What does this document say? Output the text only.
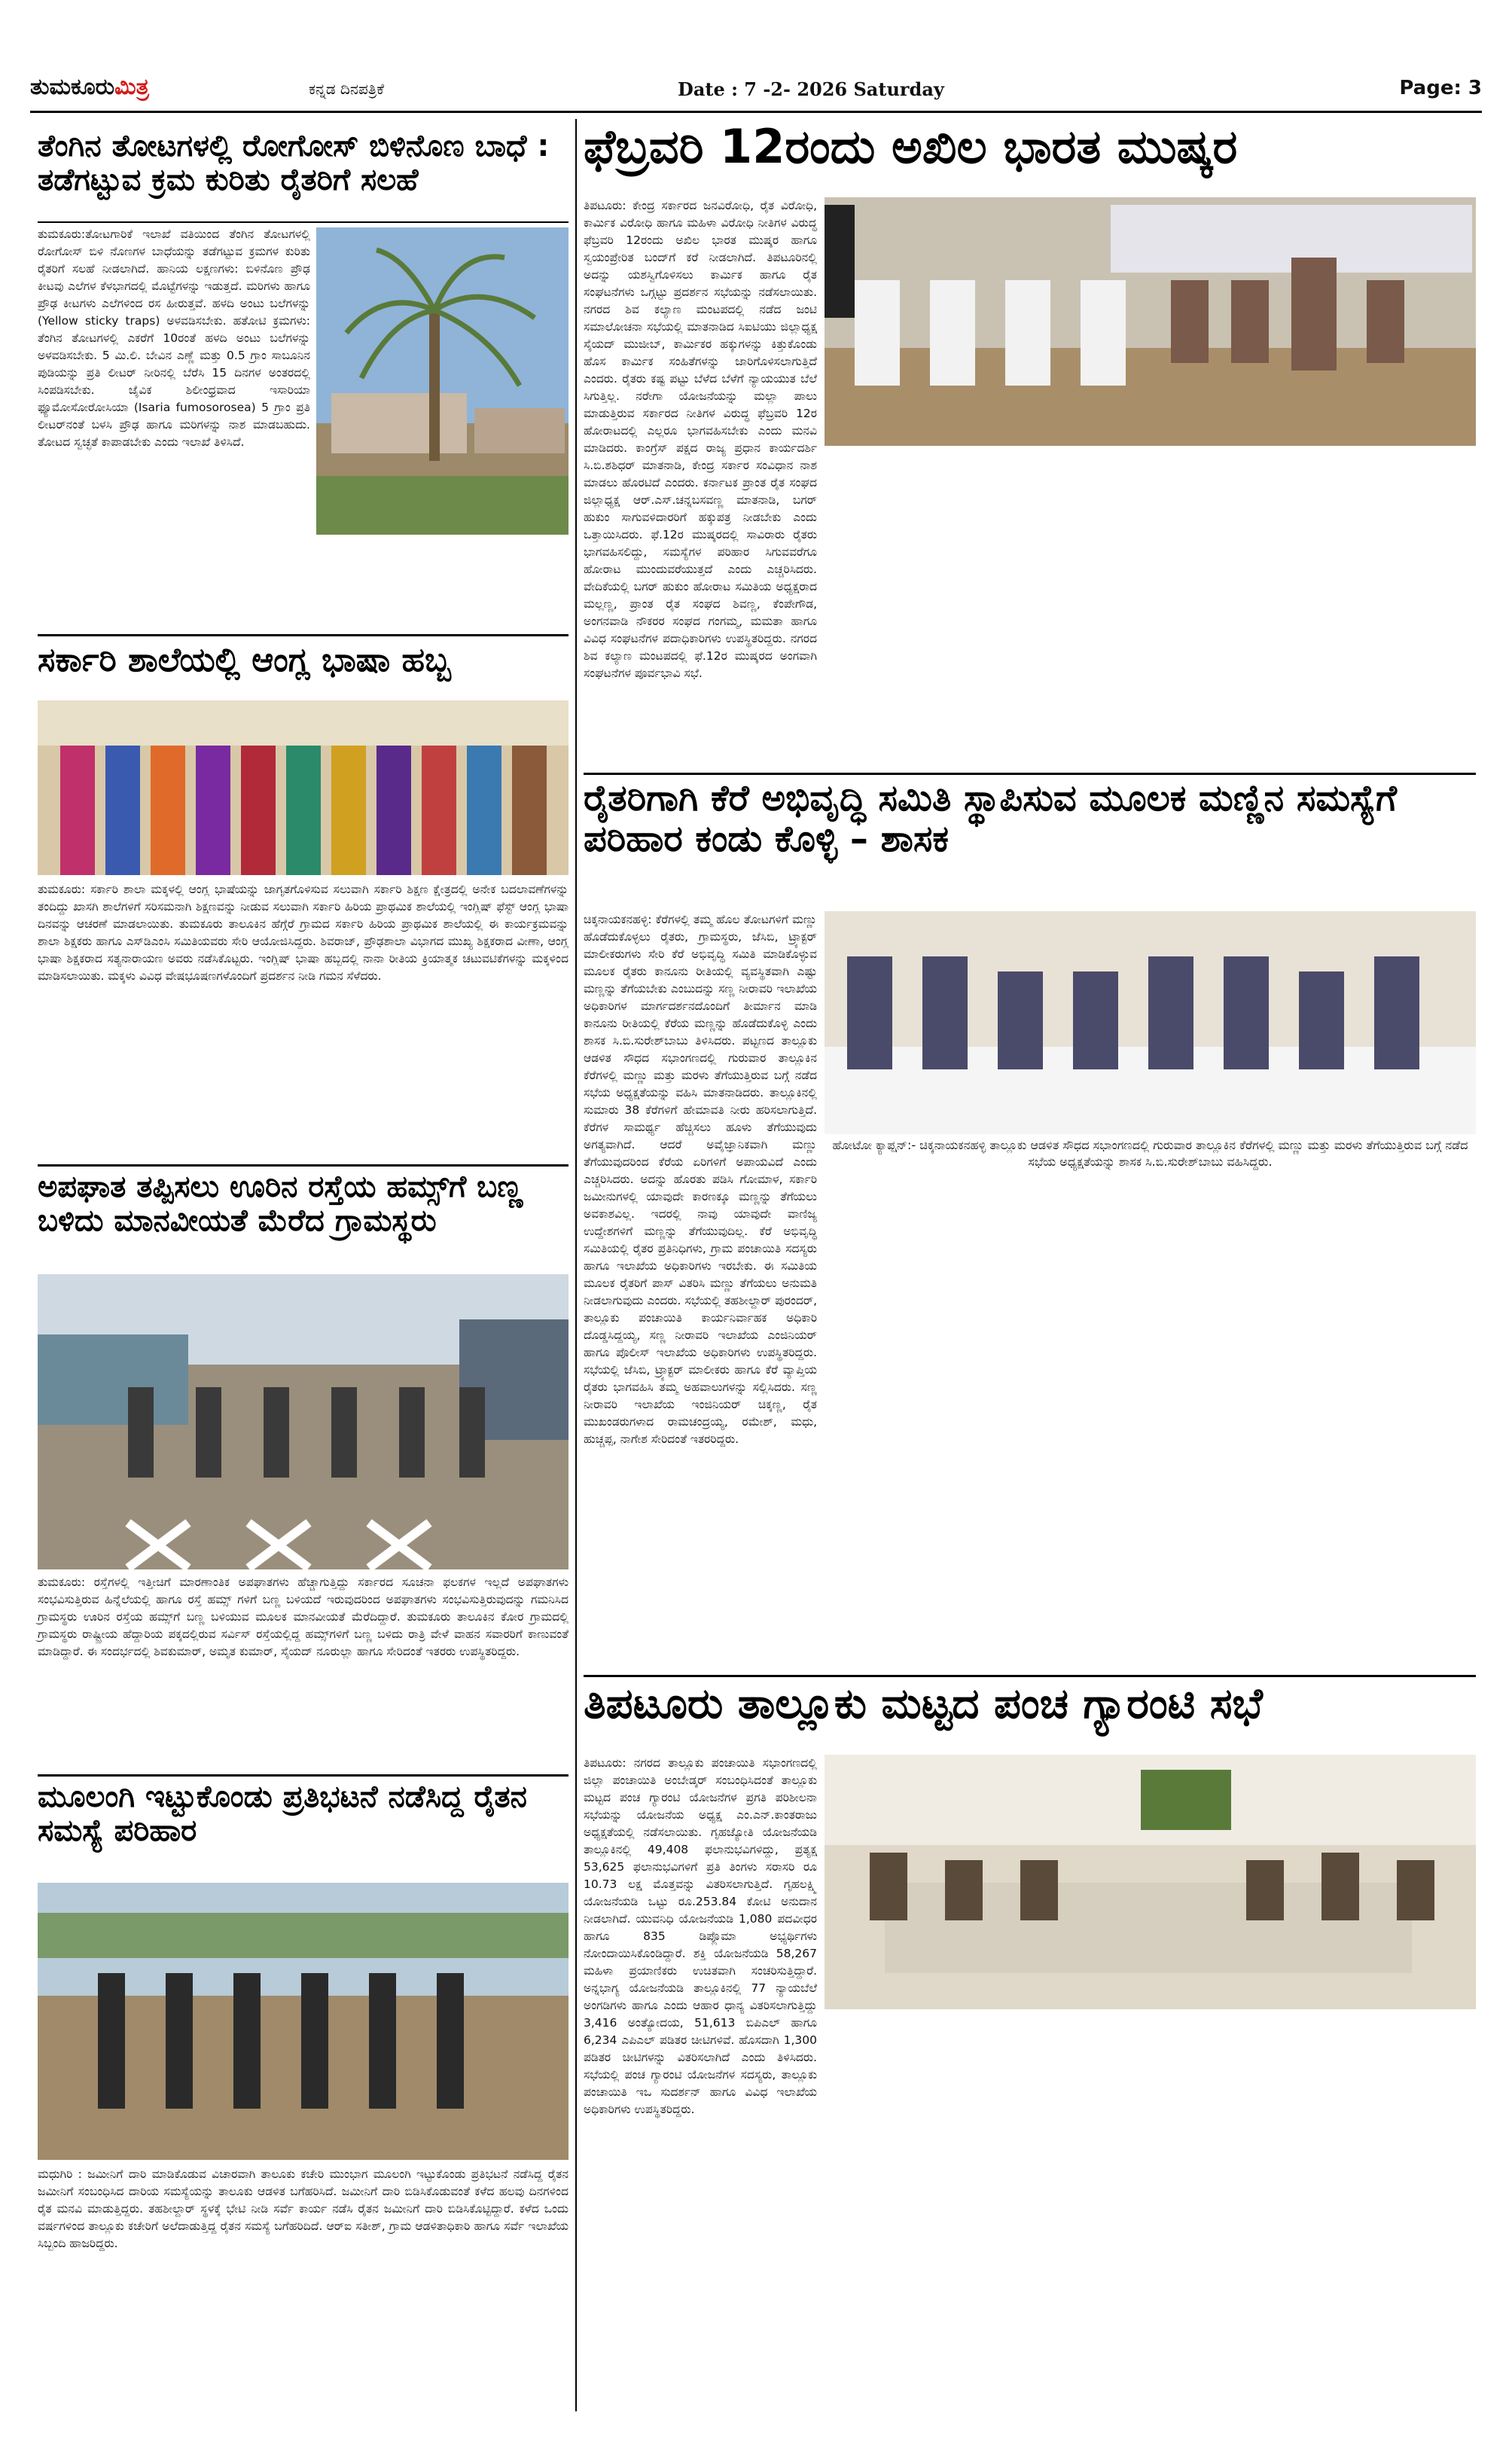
ತುಮಕೂರುಮಿತ್ರ	ಕನ್ನಡ ದಿನಪತ್ರಿಕೆ	Date : 7 -2- 2026 Saturday	Page: 3
ತೆಂಗಿನ ತೋಟಗಳಲ್ಲಿ ರೋಗೋಸ್ ಬಿಳಿನೊಣ ಬಾಧೆ : ತಡೆಗಟ್ಟುವ ಕ್ರಮ ಕುರಿತು ರೈತರಿಗೆ ಸಲಹೆ
ತುಮಕೂರು:ತೋಟಗಾರಿಕೆ ಇಲಾಖೆ ವತಿಯಿಂದ ತೆಂಗಿನ ತೋಟಗಳಲ್ಲಿ ರೋಗೋಸ್ ಬಿಳಿ ನೊಣಗಳ ಬಾಧೆಯನ್ನು ತಡೆಗಟ್ಟುವ ಕ್ರಮಗಳ ಕುರಿತು ರೈತರಿಗೆ ಸಲಹೆ ನೀಡಲಾಗಿದೆ. ಹಾನಿಯ ಲಕ್ಷಣಗಳು: ಬಿಳಿನೊಣ ಪ್ರೌಢ ಕೀಟವು ಎಲೆಗಳ ಕೆಳಭಾಗದಲ್ಲಿ ಮೊಟ್ಟೆಗಳನ್ನು ಇಡುತ್ತದೆ. ಮರಿಗಳು ಹಾಗೂ ಪ್ರೌಢ ಕೀಟಗಳು ಎಲೆಗಳಿಂದ ರಸ ಹೀರುತ್ತವೆ. ಹಳದಿ ಅಂಟು ಬಲೆಗಳನ್ನು (Yellow sticky traps) ಅಳವಡಿಸಬೇಕು. ಹತೋಟಿ ಕ್ರಮಗಳು: ತೆಂಗಿನ ತೋಟಗಳಲ್ಲಿ ಎಕರೆಗೆ 10ರಂತೆ ಹಳದಿ ಅಂಟು ಬಲೆಗಳನ್ನು ಅಳವಡಿಸಬೇಕು. 5 ಮಿ.ಲಿ. ಬೇವಿನ ಎಣ್ಣೆ ಮತ್ತು 0.5 ಗ್ರಾಂ ಸಾಬೂನಿನ ಪುಡಿಯನ್ನು ಪ್ರತಿ ಲೀಟರ್ ನೀರಿನಲ್ಲಿ ಬೆರೆಸಿ 15 ದಿನಗಳ ಅಂತರದಲ್ಲಿ ಸಿಂಪಡಿಸಬೇಕು. ಜೈವಿಕ ಶಿಲೀಂಧ್ರವಾದ ಇಸಾರಿಯಾ ಫ್ಯೂಮೋಸೋರೋಸಿಯಾ (Isaria fumosorosea) 5 ಗ್ರಾಂ ಪ್ರತಿ ಲೀಟರ್‌ನಂತೆ ಬಳಸಿ ಪ್ರೌಢ ಹಾಗೂ ಮರಿಗಳನ್ನು ನಾಶ ಮಾಡಬಹುದು. ತೋಟದ ಸ್ವಚ್ಛತೆ ಕಾಪಾಡಬೇಕು ಎಂದು ಇಲಾಖೆ ತಿಳಿಸಿದೆ.
ಸರ್ಕಾರಿ ಶಾಲೆಯಲ್ಲಿ ಆಂಗ್ಲ ಭಾಷಾ ಹಬ್ಬ
ತುಮಕೂರು: ಸರ್ಕಾರಿ ಶಾಲಾ ಮಕ್ಕಳಲ್ಲಿ ಆಂಗ್ಲ ಭಾಷೆಯನ್ನು ಜಾಗೃತಗೊಳಿಸುವ ಸಲುವಾಗಿ ಸರ್ಕಾರಿ ಶಿಕ್ಷಣ ಕ್ಷೇತ್ರದಲ್ಲಿ ಅನೇಕ ಬದಲಾವಣೆಗಳನ್ನು ತಂದಿದ್ದು ಖಾಸಗಿ ಶಾಲೆಗಳಿಗೆ ಸರಿಸಮನಾಗಿ ಶಿಕ್ಷಣವನ್ನು ನೀಡುವ ಸಲುವಾಗಿ ಸರ್ಕಾರಿ ಹಿರಿಯ ಪ್ರಾಥಮಿಕ ಶಾಲೆಯಲ್ಲಿ ಇಂಗ್ಲಿಷ್ ಫೆಸ್ಟ್ ಆಂಗ್ಲ ಭಾಷಾ ದಿನವನ್ನು ಆಚರಣೆ ಮಾಡಲಾಯಿತು. ತುಮಕೂರು ತಾಲೂಕಿನ ಹೆಗ್ಗೆರೆ ಗ್ರಾಮದ ಸರ್ಕಾರಿ ಹಿರಿಯ ಪ್ರಾಥಮಿಕ ಶಾಲೆಯಲ್ಲಿ ಈ ಕಾರ್ಯಕ್ರಮವನ್ನು ಶಾಲಾ ಶಿಕ್ಷಕರು ಹಾಗೂ ಎಸ್‌ಡಿಎಂಸಿ ಸಮಿತಿಯವರು ಸೇರಿ ಆಯೋಜಿಸಿದ್ದರು. ಶಿವರಾಜ್, ಪ್ರೌಢಶಾಲಾ ವಿಭಾಗದ ಮುಖ್ಯ ಶಿಕ್ಷಕರಾದ ವೀಣಾ, ಆಂಗ್ಲ ಭಾಷಾ ಶಿಕ್ಷಕರಾದ ಸತ್ಯನಾರಾಯಣ ಅವರು ನಡೆಸಿಕೊಟ್ಟರು. ಇಂಗ್ಲಿಷ್ ಭಾಷಾ ಹಬ್ಬದಲ್ಲಿ ನಾನಾ ರೀತಿಯ ಕ್ರಿಯಾತ್ಮಕ ಚಟುವಟಿಕೆಗಳನ್ನು ಮಕ್ಕಳಿಂದ ಮಾಡಿಸಲಾಯಿತು. ಮಕ್ಕಳು ವಿವಿಧ ವೇಷಭೂಷಣಗಳೊಂದಿಗೆ ಪ್ರದರ್ಶನ ನೀಡಿ ಗಮನ ಸೆಳೆದರು.
ಅಪಘಾತ ತಪ್ಪಿಸಲು ಊರಿನ ರಸ್ತೆಯ ಹಮ್ಸ್‌ಗೆ ಬಣ್ಣ ಬಳಿದು ಮಾನವೀಯತೆ ಮೆರೆದ ಗ್ರಾಮಸ್ಥರು
ತುಮಕೂರು: ರಸ್ತೆಗಳಲ್ಲಿ ಇತ್ತೀಚಿಗೆ ಮಾರಣಾಂತಿಕ ಅಪಘಾತಗಳು ಹೆಚ್ಚಾಗುತ್ತಿದ್ದು ಸರ್ಕಾರದ ಸೂಚನಾ ಫಲಕಗಳ ಇಲ್ಲದೆ ಅಪಘಾತಗಳು ಸಂಭವಿಸುತ್ತಿರುವ ಹಿನ್ನೆಲೆಯಲ್ಲಿ ಹಾಗೂ ರಸ್ತೆ ಹಮ್ಸ್ ಗಳಿಗೆ ಬಣ್ಣ ಬಳಿಯದೆ ಇರುವುದರಿಂದ ಅಪಘಾತಗಳು ಸಂಭವಿಸುತ್ತಿರುವುದನ್ನು ಗಮನಿಸಿದ ಗ್ರಾಮಸ್ಥರು ಊರಿನ ರಸ್ತೆಯ ಹಮ್ಸ್‌ಗೆ ಬಣ್ಣ ಬಳಿಯುವ ಮೂಲಕ ಮಾನವೀಯತೆ ಮೆರೆದಿದ್ದಾರೆ. ತುಮಕೂರು ತಾಲೂಕಿನ ಕೋರ ಗ್ರಾಮದಲ್ಲಿ ಗ್ರಾಮಸ್ಥರು ರಾಷ್ಟ್ರೀಯ ಹೆದ್ದಾರಿಯ ಪಕ್ಕದಲ್ಲಿರುವ ಸರ್ವಿಸ್ ರಸ್ತೆಯಲ್ಲಿದ್ದ ಹಮ್ಸ್‌ಗಳಿಗೆ ಬಣ್ಣ ಬಳಿದು ರಾತ್ರಿ ವೇಳೆ ವಾಹನ ಸವಾರರಿಗೆ ಕಾಣುವಂತೆ ಮಾಡಿದ್ದಾರೆ. ಈ ಸಂದರ್ಭದಲ್ಲಿ ಶಿವಕುಮಾರ್, ಅಮೃತ ಕುಮಾರ್, ಸೈಯದ್ ನೂರುಲ್ಲಾ ಹಾಗೂ ಸೇರಿದಂತೆ ಇತರರು ಉಪಸ್ಥಿತರಿದ್ದರು.
ಮೂಲಂಗಿ ಇಟ್ಟುಕೊಂಡು ಪ್ರತಿಭಟನೆ ನಡೆಸಿದ್ದ ರೈತನ ಸಮಸ್ಯೆ ಪರಿಹಾರ
ಮಧುಗಿರಿ : ಜಮೀನಿಗೆ ದಾರಿ ಮಾಡಿಕೊಡುವ ವಿಚಾರವಾಗಿ ತಾಲೂಕು ಕಚೇರಿ ಮುಂಭಾಗ ಮೂಲಂಗಿ ಇಟ್ಟುಕೊಂಡು ಪ್ರತಿಭಟನೆ ನಡೆಸಿದ್ದ ರೈತನ ಜಮೀನಿಗೆ ಸಂಬಂಧಿಸಿದ ದಾರಿಯ ಸಮಸ್ಯೆಯನ್ನು ತಾಲೂಕು ಆಡಳಿತ ಬಗೆಹರಿಸಿದೆ. ಜಮೀನಿಗೆ ದಾರಿ ಬಿಡಿಸಿಕೊಡುವಂತೆ ಕಳೆದ ಹಲವು ದಿನಗಳಿಂದ ರೈತ ಮನವಿ ಮಾಡುತ್ತಿದ್ದರು. ತಹಶೀಲ್ದಾರ್ ಸ್ಥಳಕ್ಕೆ ಭೇಟಿ ನೀಡಿ ಸರ್ವೆ ಕಾರ್ಯ ನಡೆಸಿ ರೈತನ ಜಮೀನಿಗೆ ದಾರಿ ಬಿಡಿಸಿಕೊಟ್ಟಿದ್ದಾರೆ. ಕಳೆದ ಒಂದು ವರ್ಷಗಳಿಂದ ತಾಲ್ಲೂಕು ಕಚೇರಿಗೆ ಅಲೆದಾಡುತ್ತಿದ್ದ ರೈತನ ಸಮಸ್ಯೆ ಬಗೆಹರಿದಿದೆ. ಆರ್‌ಐ ಸತೀಶ್, ಗ್ರಾಮ ಆಡಳಿತಾಧಿಕಾರಿ ಹಾಗೂ ಸರ್ವೆ ಇಲಾಖೆಯ ಸಿಬ್ಬಂದಿ ಹಾಜರಿದ್ದರು.
ಫೆಬ್ರವರಿ 12ರಂದು ಅಖಿಲ ಭಾರತ ಮುಷ್ಕರ
ತಿಪಟೂರು: ಕೇಂದ್ರ ಸರ್ಕಾರದ ಜನವಿರೋಧಿ, ರೈತ ವಿರೋಧಿ, ಕಾರ್ಮಿಕ ವಿರೋಧಿ ಹಾಗೂ ಮಹಿಳಾ ವಿರೋಧಿ ನೀತಿಗಳ ವಿರುದ್ಧ ಫೆಬ್ರವರಿ 12ರಂದು ಅಖಿಲ ಭಾರತ ಮುಷ್ಕರ ಹಾಗೂ ಸ್ವಯಂಪ್ರೇರಿತ ಬಂದ್‌ಗೆ ಕರೆ ನೀಡಲಾಗಿದೆ. ತಿಪಟೂರಿನಲ್ಲಿ ಅದನ್ನು ಯಶಸ್ವಿಗೊಳಿಸಲು ಕಾರ್ಮಿಕ ಹಾಗೂ ರೈತ ಸಂಘಟನೆಗಳು ಒಗ್ಗಟ್ಟು ಪ್ರದರ್ಶನ ಸಭೆಯನ್ನು ನಡೆಸಲಾಯಿತು. ನಗರದ ಶಿವ ಕಲ್ಯಾಣ ಮಂಟಪದಲ್ಲಿ ನಡೆದ ಜಂಟಿ ಸಮಾಲೋಚನಾ ಸಭೆಯಲ್ಲಿ ಮಾತನಾಡಿದ ಸಿಐಟಿಯು ಜಿಲ್ಲಾಧ್ಯಕ್ಷ ಸೈಯದ್ ಮುಜೀಬ್, ಕಾರ್ಮಿಕರ ಹಕ್ಕುಗಳನ್ನು ಕಿತ್ತುಕೊಂಡು ಹೊಸ ಕಾರ್ಮಿಕ ಸಂಹಿತೆಗಳನ್ನು ಜಾರಿಗೊಳಿಸಲಾಗುತ್ತಿದೆ ಎಂದರು. ರೈತರು ಕಷ್ಟ ಪಟ್ಟು ಬೆಳೆದ ಬೆಳೆಗೆ ನ್ಯಾಯಯುತ ಬೆಲೆ ಸಿಗುತ್ತಿಲ್ಲ. ನರೇಗಾ ಯೋಜನೆಯನ್ನು ಮಲ್ಲಾ ಪಾಲು ಮಾಡುತ್ತಿರುವ ಸರ್ಕಾರದ ನೀತಿಗಳ ವಿರುದ್ಧ ಫೆಬ್ರವರಿ 12ರ ಹೋರಾಟದಲ್ಲಿ ಎಲ್ಲರೂ ಭಾಗವಹಿಸಬೇಕು ಎಂದು ಮನವಿ ಮಾಡಿದರು. ಕಾಂಗ್ರೆಸ್ ಪಕ್ಷದ ರಾಜ್ಯ ಪ್ರಧಾನ ಕಾರ್ಯದರ್ಶಿ ಸಿ.ಬಿ.ಶಶಿಧರ್ ಮಾತನಾಡಿ, ಕೇಂದ್ರ ಸರ್ಕಾರ ಸಂವಿಧಾನ ನಾಶ ಮಾಡಲು ಹೊರಟಿದೆ ಎಂದರು. ಕರ್ನಾಟಕ ಪ್ರಾಂತ ರೈತ ಸಂಘದ ಜಿಲ್ಲಾಧ್ಯಕ್ಷ ಆರ್.ಎಸ್.ಚನ್ನಬಸವಣ್ಣ ಮಾತನಾಡಿ, ಬಗರ್ ಹುಕುಂ ಸಾಗುವಳಿದಾರರಿಗೆ ಹಕ್ಕುಪತ್ರ ನೀಡಬೇಕು ಎಂದು ಒತ್ತಾಯಿಸಿದರು. ಫೆ.12ರ ಮುಷ್ಕರದಲ್ಲಿ ಸಾವಿರಾರು ರೈತರು ಭಾಗವಹಿಸಲಿದ್ದು, ಸಮಸ್ಯೆಗಳ ಪರಿಹಾರ ಸಿಗುವವರೆಗೂ ಹೋರಾಟ ಮುಂದುವರೆಯುತ್ತದೆ ಎಂದು ಎಚ್ಚರಿಸಿದರು. ವೇದಿಕೆಯಲ್ಲಿ ಬಗರ್ ಹುಕುಂ ಹೋರಾಟ ಸಮಿತಿಯ ಅಧ್ಯಕ್ಷರಾದ ಮಲ್ಲಣ್ಣ, ಪ್ರಾಂತ ರೈತ ಸಂಘದ ಶಿವಣ್ಣ, ಕೆಂಪೇಗೌಡ, ಅಂಗನವಾಡಿ ನೌಕರರ ಸಂಘದ ಗಂಗಮ್ಮ, ಮಮತಾ ಹಾಗೂ ವಿವಿಧ ಸಂಘಟನೆಗಳ ಪದಾಧಿಕಾರಿಗಳು ಉಪಸ್ಥಿತರಿದ್ದರು. ನಗರದ ಶಿವ ಕಲ್ಯಾಣ ಮಂಟಪದಲ್ಲಿ ಫೆ.12ರ ಮುಷ್ಕರದ ಅಂಗವಾಗಿ ಸಂಘಟನೆಗಳ ಪೂರ್ವಭಾವಿ ಸಭೆ.
ರೈತರಿಗಾಗಿ ಕೆರೆ ಅಭಿವೃದ್ಧಿ ಸಮಿತಿ ಸ್ಥಾಪಿಸುವ ಮೂಲಕ ಮಣ್ಣಿನ ಸಮಸ್ಯೆಗೆ ಪರಿಹಾರ ಕಂಡು ಕೊಳ್ಳಿ – ಶಾಸಕ
ಹೋಟೋ ಕ್ಯಾಪ್ಷನ್:- ಚಿಕ್ಕನಾಯಕನಹಳ್ಳಿ ತಾಲ್ಲೂಕು ಆಡಳಿತ ಸೌಧದ ಸಭಾಂಗಣದಲ್ಲಿ ಗುರುವಾರ ತಾಲ್ಲೂಕಿನ ಕೆರೆಗಳಲ್ಲಿ ಮಣ್ಣು ಮತ್ತು ಮರಳು ತೆಗೆಯುತ್ತಿರುವ ಬಗ್ಗೆ ನಡೆದ ಸಭೆಯ ಅಧ್ಯಕ್ಷತೆಯನ್ನು ಶಾಸಕ ಸಿ.ಬಿ.ಸುರೇಶ್‌ಬಾಬು ವಹಿಸಿದ್ದರು.
ಚಿಕ್ಕನಾಯಕನಹಳ್ಳಿ: ಕೆರೆಗಳಲ್ಲಿ ತಮ್ಮ ಹೊಲ ತೋಟಗಳಿಗೆ ಮಣ್ಣು ಹೊಡೆದುಕೊಳ್ಳಲು ರೈತರು, ಗ್ರಾಮಸ್ಥರು, ಜೆಸಿಬಿ, ಟ್ರ್ಯಾಕ್ಟರ್ ಮಾಲೀಕರುಗಳು ಸೇರಿ ಕೆರೆ ಅಭಿವೃದ್ಧಿ ಸಮಿತಿ ಮಾಡಿಕೊಳ್ಳುವ ಮೂಲಕ ರೈತರು ಕಾನೂನು ರೀತಿಯಲ್ಲಿ ವ್ಯವಸ್ಥಿತವಾಗಿ ಎಷ್ಟು ಮಣ್ಣನ್ನು ತೆಗೆಯಬೇಕು ಎಂಬುದನ್ನು ಸಣ್ಣ ನೀರಾವರಿ ಇಲಾಖೆಯ ಅಧಿಕಾರಿಗಳ ಮಾರ್ಗದರ್ಶನದೊಂದಿಗೆ ತೀರ್ಮಾನ ಮಾಡಿ ಕಾನೂನು ರೀತಿಯಲ್ಲಿ ಕೆರೆಯ ಮಣ್ಣನ್ನು ಹೊಡೆದುಕೊಳ್ಳಿ ಎಂದು ಶಾಸಕ ಸಿ.ಬಿ.ಸುರೇಶ್‌ಬಾಬು ತಿಳಿಸಿದರು. ಪಟ್ಟಣದ ತಾಲ್ಲೂಕು ಆಡಳಿತ ಸೌಧದ ಸಭಾಂಗಣದಲ್ಲಿ ಗುರುವಾರ ತಾಲ್ಲೂಕಿನ ಕೆರೆಗಳಲ್ಲಿ ಮಣ್ಣು ಮತ್ತು ಮರಳು ತೆಗೆಯುತ್ತಿರುವ ಬಗ್ಗೆ ನಡೆದ ಸಭೆಯ ಅಧ್ಯಕ್ಷತೆಯನ್ನು ವಹಿಸಿ ಮಾತನಾಡಿದರು. ತಾಲ್ಲೂಕಿನಲ್ಲಿ ಸುಮಾರು 38 ಕೆರೆಗಳಿಗೆ ಹೇಮಾವತಿ ನೀರು ಹರಿಸಲಾಗುತ್ತಿದೆ. ಕೆರೆಗಳ ಸಾಮರ್ಥ್ಯ ಹೆಚ್ಚಿಸಲು ಹೂಳು ತೆಗೆಯುವುದು ಅಗತ್ಯವಾಗಿದೆ. ಆದರೆ ಅವೈಜ್ಞಾನಿಕವಾಗಿ ಮಣ್ಣು ತೆಗೆಯುವುದರಿಂದ ಕೆರೆಯ ಏರಿಗಳಿಗೆ ಅಪಾಯವಿದೆ ಎಂದು ಎಚ್ಚರಿಸಿದರು. ಅದನ್ನು ಹೊರತು ಪಡಿಸಿ ಗೋಮಾಳ, ಸರ್ಕಾರಿ ಜಮೀನುಗಳಲ್ಲಿ ಯಾವುದೇ ಕಾರಣಕ್ಕೂ ಮಣ್ಣನ್ನು ತೆಗೆಯಲು ಅವಕಾಶವಿಲ್ಲ. ಇದರಲ್ಲಿ ನಾವು ಯಾವುದೇ ವಾಣಿಜ್ಯ ಉದ್ದೇಶಗಳಿಗೆ ಮಣ್ಣನ್ನು ತೆಗೆಯುವುದಿಲ್ಲ. ಕೆರೆ ಅಭಿವೃದ್ಧಿ ಸಮಿತಿಯಲ್ಲಿ ರೈತರ ಪ್ರತಿನಿಧಿಗಳು, ಗ್ರಾಮ ಪಂಚಾಯಿತಿ ಸದಸ್ಯರು ಹಾಗೂ ಇಲಾಖೆಯ ಅಧಿಕಾರಿಗಳು ಇರಬೇಕು. ಈ ಸಮಿತಿಯ ಮೂಲಕ ರೈತರಿಗೆ ಪಾಸ್ ವಿತರಿಸಿ ಮಣ್ಣು ತೆಗೆಯಲು ಅನುಮತಿ ನೀಡಲಾಗುವುದು ಎಂದರು. ಸಭೆಯಲ್ಲಿ ತಹಶೀಲ್ದಾರ್ ಪುರಂದರ್, ತಾಲ್ಲೂಕು ಪಂಚಾಯಿತಿ ಕಾರ್ಯನಿರ್ವಾಹಕ ಅಧಿಕಾರಿ ದೊಡ್ಡಸಿದ್ದಯ್ಯ, ಸಣ್ಣ ನೀರಾವರಿ ಇಲಾಖೆಯ ಎಂಜಿನಿಯರ್ ಹಾಗೂ ಪೊಲೀಸ್ ಇಲಾಖೆಯ ಅಧಿಕಾರಿಗಳು ಉಪಸ್ಥಿತರಿದ್ದರು. ಸಭೆಯಲ್ಲಿ ಜೆಸಿಬಿ, ಟ್ರ್ಯಾಕ್ಟರ್ ಮಾಲೀಕರು ಹಾಗೂ ಕೆರೆ ವ್ಯಾಪ್ತಿಯ ರೈತರು ಭಾಗವಹಿಸಿ ತಮ್ಮ ಅಹವಾಲುಗಳನ್ನು ಸಲ್ಲಿಸಿದರು. ಸಣ್ಣ ನೀರಾವರಿ ಇಲಾಖೆಯ ಇಂಜಿನಿಯರ್ ಚಿಕ್ಕಣ್ಣ, ರೈತ ಮುಖಂಡರುಗಳಾದ ರಾಮಚಂದ್ರಯ್ಯ, ರಮೇಶ್, ಮಧು, ಹುಚ್ಚಪ್ಪ, ನಾಗೇಶ ಸೇರಿದಂತೆ ಇತರರಿದ್ದರು.
ತಿಪಟೂರು ತಾಲ್ಲೂಕು ಮಟ್ಟದ ಪಂಚ ಗ್ಯಾರಂಟಿ ಸಭೆ
ತಿಪಟೂರು: ನಗರದ ತಾಲ್ಲೂಕು ಪಂಚಾಯಿತಿ ಸಭಾಂಗಣದಲ್ಲಿ ಜಿಲ್ಲಾ ಪಂಚಾಯಿತಿ ಅಂಬೇಡ್ಕರ್ ಸಂಬಂಧಿಸಿದಂತೆ ತಾಲ್ಲೂಕು ಮಟ್ಟದ ಪಂಚ ಗ್ಯಾರಂಟಿ ಯೋಜನೆಗಳ ಪ್ರಗತಿ ಪರಿಶೀಲನಾ ಸಭೆಯನ್ನು ಯೋಜನೆಯ ಅಧ್ಯಕ್ಷ ಎಂ.ಎನ್.ಕಾಂತರಾಜು ಅಧ್ಯಕ್ಷತೆಯಲ್ಲಿ ನಡೆಸಲಾಯಿತು. ಗೃಹಜ್ಯೋತಿ ಯೋಜನೆಯಡಿ ತಾಲ್ಲೂಕಿನಲ್ಲಿ 49,408 ಫಲಾನುಭವಿಗಳಿದ್ದು, ಪ್ರತ್ಯಕ್ಷ 53,625 ಫಲಾನುಭವಿಗಳಿಗೆ ಪ್ರತಿ ತಿಂಗಳು ಸರಾಸರಿ ರೂ 10.73 ಲಕ್ಷ ಮೊತ್ತವನ್ನು ವಿತರಿಸಲಾಗುತ್ತಿದೆ. ಗೃಹಲಕ್ಷ್ಮಿ ಯೋಜನೆಯಡಿ ಒಟ್ಟು ರೂ.253.84 ಕೋಟಿ ಅನುದಾನ ನೀಡಲಾಗಿದೆ. ಯುವನಿಧಿ ಯೋಜನೆಯಡಿ 1,080 ಪದವೀಧರ ಹಾಗೂ 835 ಡಿಪ್ಲೊಮಾ ಅಭ್ಯರ್ಥಿಗಳು ನೋಂದಾಯಿಸಿಕೊಂಡಿದ್ದಾರೆ. ಶಕ್ತಿ ಯೋಜನೆಯಡಿ 58,267 ಮಹಿಳಾ ಪ್ರಯಾಣಿಕರು ಉಚಿತವಾಗಿ ಸಂಚರಿಸುತ್ತಿದ್ದಾರೆ. ಅನ್ನಭಾಗ್ಯ ಯೋಜನೆಯಡಿ ತಾಲ್ಲೂಕಿನಲ್ಲಿ 77 ನ್ಯಾಯಬೆಲೆ ಅಂಗಡಿಗಳು ಹಾಗೂ ಎಂದು ಆಹಾರ ಧಾನ್ಯ ವಿತರಿಸಲಾಗುತ್ತಿದ್ದು 3,416 ಅಂತ್ಯೋದಯ, 51,613 ಬಿಪಿಎಲ್ ಹಾಗೂ 6,234 ಎಪಿಎಲ್ ಪಡಿತರ ಚೀಟಿಗಳಿವೆ. ಹೊಸದಾಗಿ 1,300 ಪಡಿತರ ಚೀಟಿಗಳನ್ನು ವಿತರಿಸಲಾಗಿದೆ ಎಂದು ತಿಳಿಸಿದರು. ಸಭೆಯಲ್ಲಿ ಪಂಚ ಗ್ಯಾರಂಟಿ ಯೋಜನೆಗಳ ಸದಸ್ಯರು, ತಾಲ್ಲೂಕು ಪಂಚಾಯಿತಿ ಇಒ ಸುದರ್ಶನ್ ಹಾಗೂ ವಿವಿಧ ಇಲಾಖೆಯ ಅಧಿಕಾರಿಗಳು ಉಪಸ್ಥಿತರಿದ್ದರು.
